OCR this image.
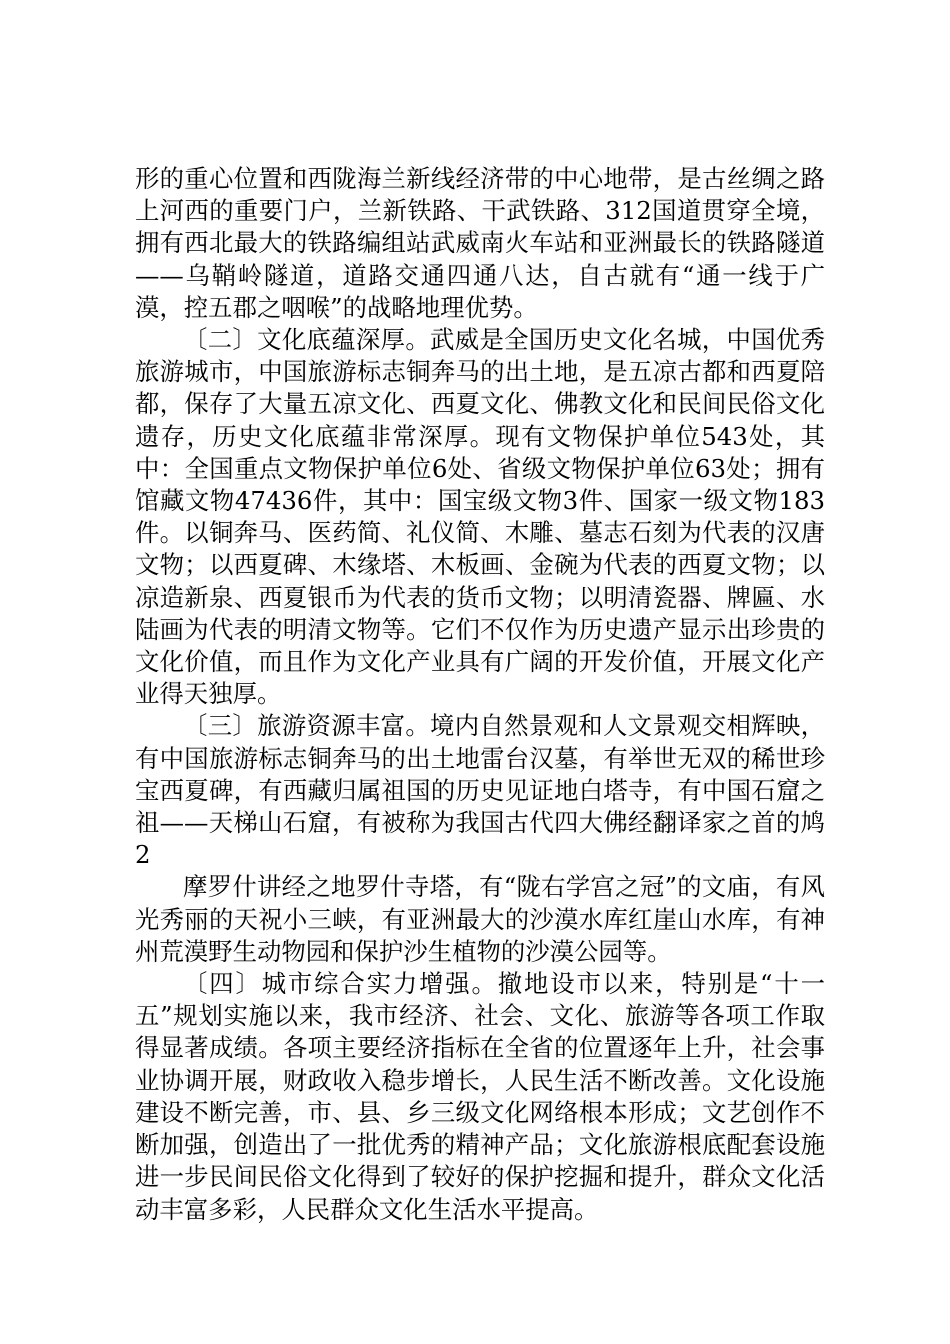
形的重心位置和西陇海兰新线经济带的中心地带，是古丝绸之路上河西的重要门户，兰新铁路、干武铁路、312国道贯穿全境，拥有西北最大的铁路编组站武威南火车站和亚洲最长的铁路隧道——乌鞘岭隧道，道路交通四通八达，自古就有“通一线于广漠，控五郡之咽喉”的战略地理优势。

〔二〕文化底蕴深厚。武威是全国历史文化名城，中国优秀旅游城市，中国旅游标志铜奔马的出土地，是五凉古都和西夏陪都，保存了大量五凉文化、西夏文化、佛教文化和民间民俗文化遗存，历史文化底蕴非常深厚。现有文物保护单位543处，其中：全国重点文物保护单位6处、省级文物保护单位63处；拥有馆藏文物47436件，其中：国宝级文物3件、国家一级文物183件。以铜奔马、医药简、礼仪简、木雕、墓志石刻为代表的汉唐文物；以西夏碑、木缘塔、木板画、金碗为代表的西夏文物；以凉造新泉、西夏银币为代表的货币文物；以明清瓷器、牌匾、水陆画为代表的明清文物等。它们不仅作为历史遗产显示出珍贵的文化价值，而且作为文化产业具有广阔的开发价值，开展文化产业得天独厚。

〔三〕旅游资源丰富。境内自然景观和人文景观交相辉映，有中国旅游标志铜奔马的出土地雷台汉墓，有举世无双的稀世珍宝西夏碑，有西藏归属祖国的历史见证地白塔寺，有中国石窟之祖——天梯山石窟，有被称为我国古代四大佛经翻译家之首的鸠2

摩罗什讲经之地罗什寺塔，有“陇右学宫之冠”的文庙，有风光秀丽的天祝小三峡，有亚洲最大的沙漠水库红崖山水库，有神州荒漠野生动物园和保护沙生植物的沙漠公园等。

〔四〕城市综合实力增强。撤地设市以来，特别是“十一五”规划实施以来，我市经济、社会、文化、旅游等各项工作取得显著成绩。各项主要经济指标在全省的位置逐年上升，社会事业协调开展，财政收入稳步增长，人民生活不断改善。文化设施建设不断完善，市、县、乡三级文化网络根本形成；文艺创作不断加强，创造出了一批优秀的精神产品；文化旅游根底配套设施进一步民间民俗文化得到了较好的保护挖掘和提升，群众文化活动丰富多彩，人民群众文化生活水平提高。
